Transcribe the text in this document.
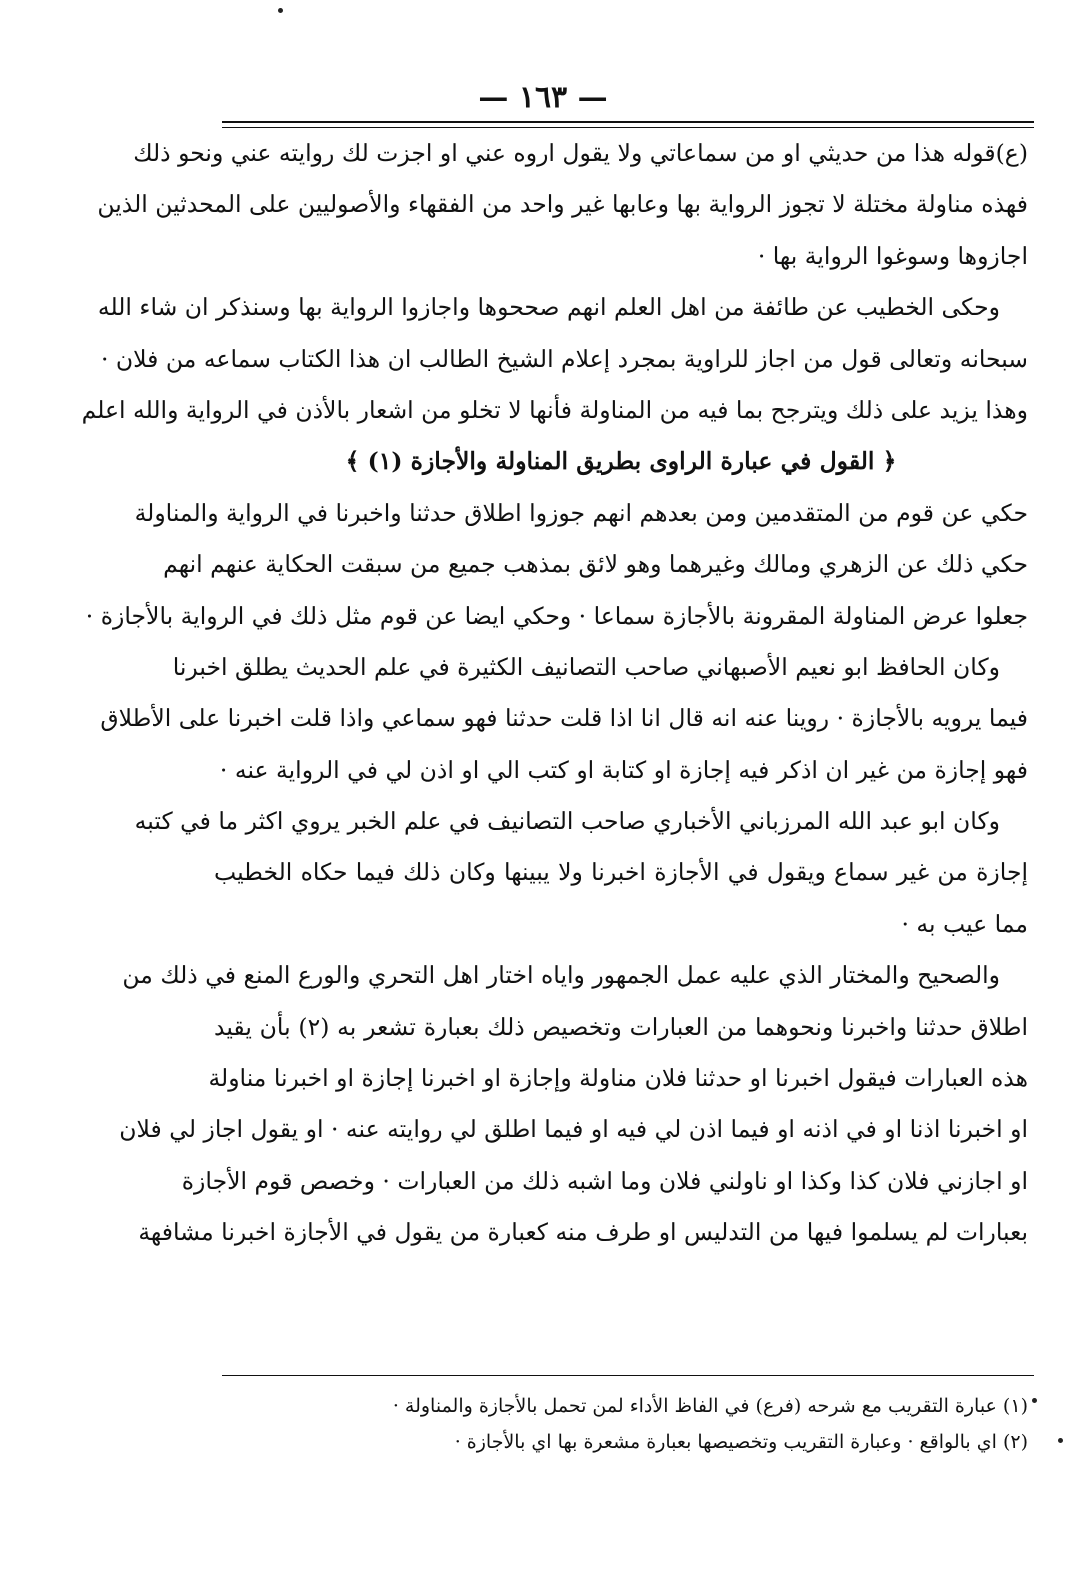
— ١٦٣ —
(ع)قوله هذا من حديثي او من سماعاتي ولا يقول اروه عني او اجزت لك روايته عني ونحو ذلك
فهذه مناولة مختلة لا تجوز الرواية بها وعابها غير واحد من الفقهاء والأصوليين على المحدثين الذين
اجازوها وسوغوا الرواية بها ·
وحكى الخطيب عن طائفة من اهل العلم انهم صححوها واجازوا الرواية بها وسنذكر ان شاء الله
سبحانه وتعالى قول من اجاز للراوية بمجرد إعلام الشيخ الطالب ان هذا الكتاب سماعه من فلان ·
وهذا يزيد على ذلك ويترجح بما فيه من المناولة فأنها لا تخلو من اشعار بالأذن في الرواية والله اعلم
﴿ القول في عبارة الراوى بطريق المناولة والأجازة (١) ﴾
حكي عن قوم من المتقدمين ومن بعدهم انهم جوزوا اطلاق حدثنا واخبرنا في الرواية والمناولة
حكي ذلك عن الزهري ومالك وغيرهما وهو لائق بمذهب جميع من سبقت الحكاية عنهم انهم
جعلوا عرض المناولة المقرونة بالأجازة سماعا · وحكي ايضا عن قوم مثل ذلك في الرواية بالأجازة ·
وكان الحافظ ابو نعيم الأصبهاني صاحب التصانيف الكثيرة في علم الحديث يطلق اخبرنا
فيما يرويه بالأجازة · روينا عنه انه قال انا اذا قلت حدثنا فهو سماعي واذا قلت اخبرنا على الأطلاق
فهو إجازة من غير ان اذكر فيه إجازة او كتابة او كتب الي او اذن لي في الرواية عنه ·
وكان ابو عبد الله المرزباني الأخباري صاحب التصانيف في علم الخبر يروي اكثر ما في كتبه
إجازة من غير سماع ويقول في الأجازة اخبرنا ولا يبينها وكان ذلك فيما حكاه الخطيب
مما عيب به ·
والصحيح والمختار الذي عليه عمل الجمهور واياه اختار اهل التحري والورع المنع في ذلك من
اطلاق حدثنا واخبرنا ونحوهما من العبارات وتخصيص ذلك بعبارة تشعر به (٢) بأن يقيد
هذه العبارات فيقول اخبرنا او حدثنا فلان مناولة وإجازة او اخبرنا إجازة او اخبرنا مناولة
او اخبرنا اذنا او في اذنه او فيما اذن لي فيه او فيما اطلق لي روايته عنه · او يقول اجاز لي فلان
او اجازني فلان كذا وكذا او ناولني فلان وما اشبه ذلك من العبارات · وخصص قوم الأجازة
بعبارات لم يسلموا فيها من التدليس او طرف منه كعبارة من يقول في الأجازة اخبرنا مشافهة
(١) عبارة التقريب مع شرحه (فرع) في الفاظ الأداء لمن تحمل بالأجازة والمناولة ·
(٢) اي بالواقع · وعبارة التقريب وتخصيصها بعبارة مشعرة بها اي بالأجازة ·
